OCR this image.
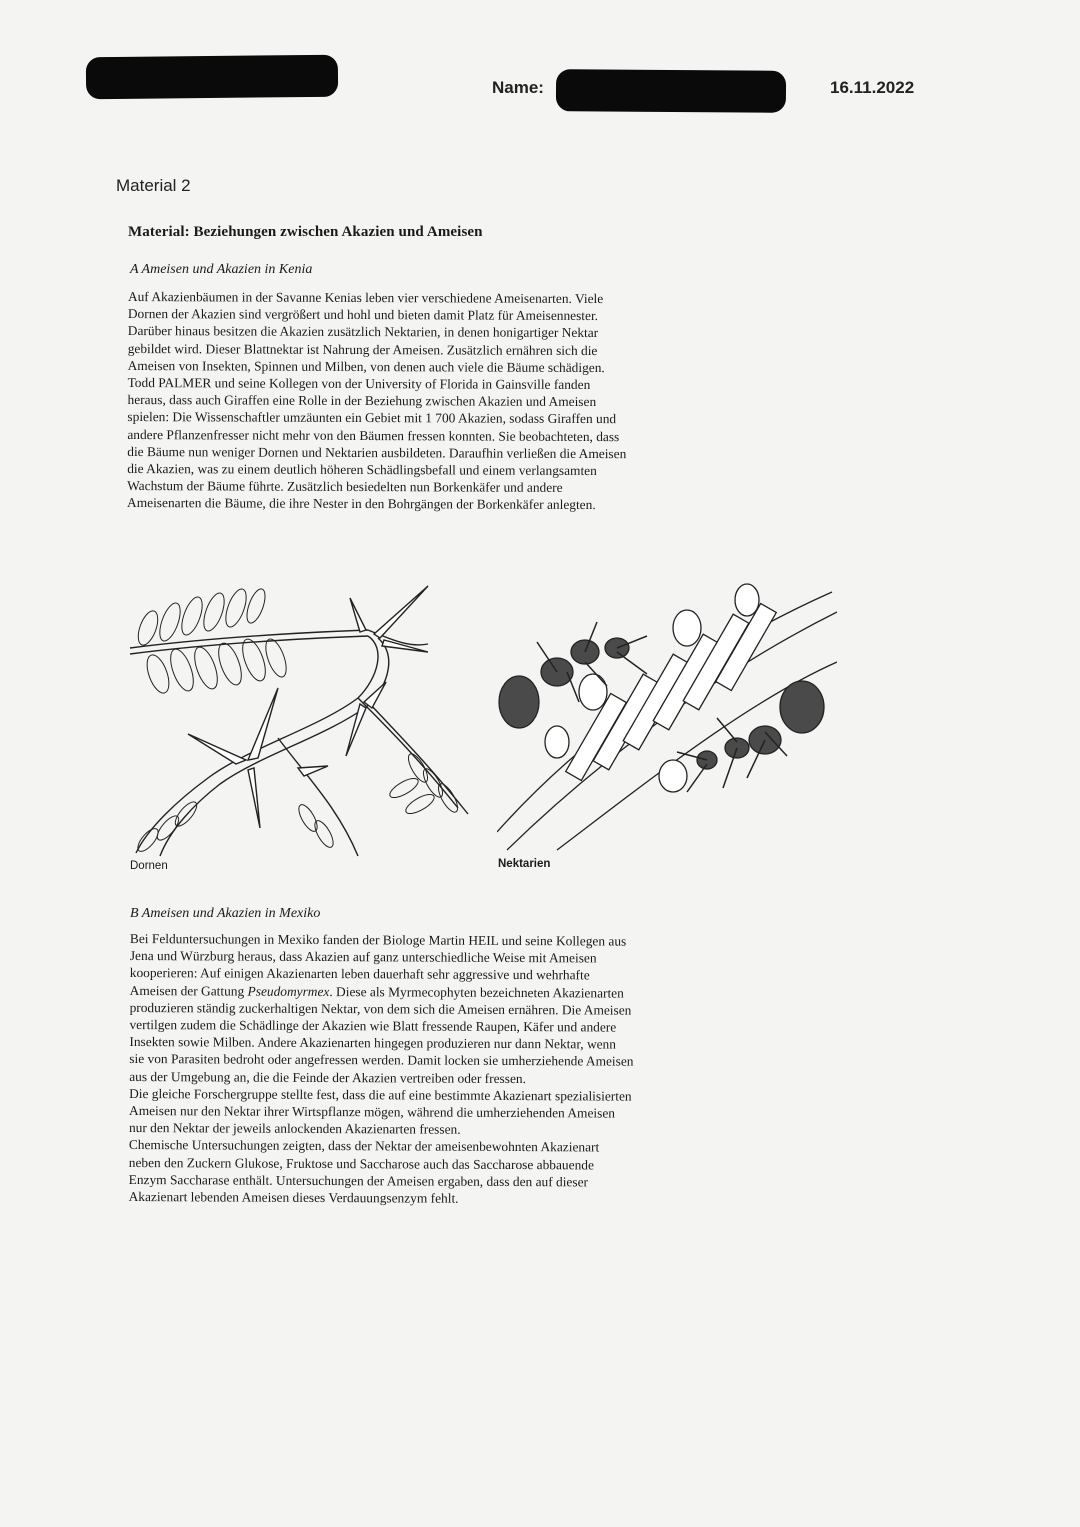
Name:	16.11.2022
Material 2
Material: Beziehungen zwischen Akazien und Ameisen
A Ameisen und Akazien in Kenia
Auf Akazienbäumen in der Savanne Kenias leben vier verschiedene Ameisenarten. Viele
Dornen der Akazien sind vergrößert und hohl und bieten damit Platz für Ameisennester.
Darüber hinaus besitzen die Akazien zusätzlich Nektarien, in denen honigartiger Nektar
gebildet wird. Dieser Blattnektar ist Nahrung der Ameisen. Zusätzlich ernähren sich die
Ameisen von Insekten, Spinnen und Milben, von denen auch viele die Bäume schädigen.
Todd PALMER und seine Kollegen von der University of Florida in Gainsville fanden
heraus, dass auch Giraffen eine Rolle in der Beziehung zwischen Akazien und Ameisen
spielen: Die Wissenschaftler umzäunten ein Gebiet mit 1 700 Akazien, sodass Giraffen und
andere Pflanzenfresser nicht mehr von den Bäumen fressen konnten. Sie beobachteten, dass
die Bäume nun weniger Dornen und Nektarien ausbildeten. Daraufhin verließen die Ameisen
die Akazien, was zu einem deutlich höheren Schädlingsbefall und einem verlangsamten
Wachstum der Bäume führte. Zusätzlich besiedelten nun Borkenkäfer und andere
Ameisenarten die Bäume, die ihre Nester in den Bohrgängen der Borkenkäfer anlegten.
Dornen	Nektarien
B Ameisen und Akazien in Mexiko
Bei Felduntersuchungen in Mexiko fanden der Biologe Martin HEIL und seine Kollegen aus
Jena und Würzburg heraus, dass Akazien auf ganz unterschiedliche Weise mit Ameisen
kooperieren: Auf einigen Akazienarten leben dauerhaft sehr aggressive und wehrhafte
Ameisen der Gattung Pseudomyrmex. Diese als Myrmecophyten bezeichneten Akazienarten
produzieren ständig zuckerhaltigen Nektar, von dem sich die Ameisen ernähren. Die Ameisen
vertilgen zudem die Schädlinge der Akazien wie Blatt fressende Raupen, Käfer und andere
Insekten sowie Milben. Andere Akazienarten hingegen produzieren nur dann Nektar, wenn
sie von Parasiten bedroht oder angefressen werden. Damit locken sie umherziehende Ameisen
aus der Umgebung an, die die Feinde der Akazien vertreiben oder fressen.
Die gleiche Forschergruppe stellte fest, dass die auf eine bestimmte Akazienart spezialisierten
Ameisen nur den Nektar ihrer Wirtspflanze mögen, während die umherziehenden Ameisen
nur den Nektar der jeweils anlockenden Akazienarten fressen.
Chemische Untersuchungen zeigten, dass der Nektar der ameisenbewohnten Akazienart
neben den Zuckern Glukose, Fruktose und Saccharose auch das Saccharose abbauende
Enzym Saccharase enthält. Untersuchungen der Ameisen ergaben, dass den auf dieser
Akazienart lebenden Ameisen dieses Verdauungsenzym fehlt.
